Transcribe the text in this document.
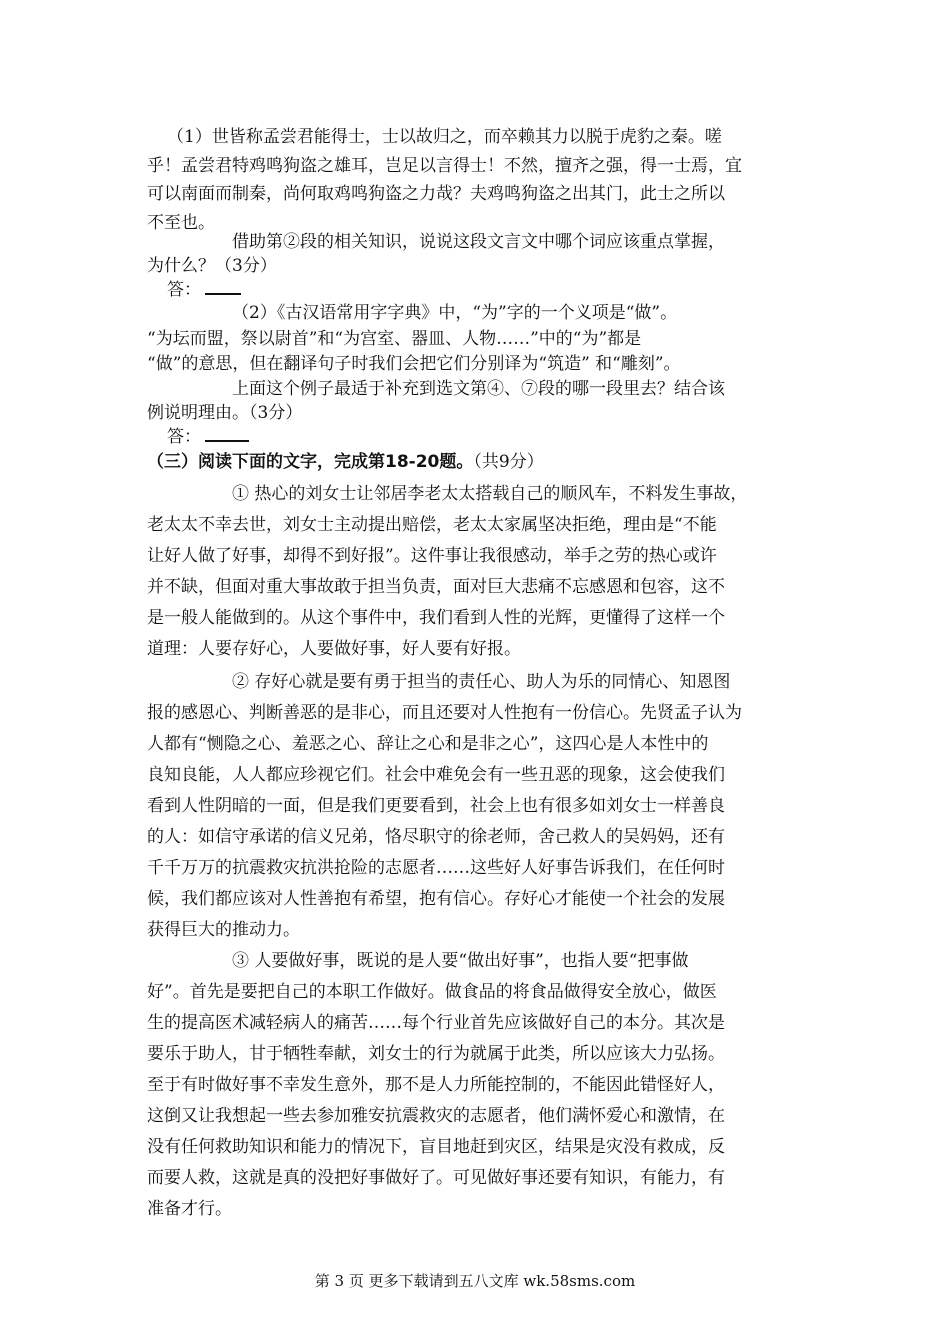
（1）世皆称孟尝君能得士，士以故归之，而卒赖其力以脱于虎豹之秦。嗟
乎！孟尝君特鸡鸣狗盗之雄耳，岂足以言得士！不然，擅齐之强，得一士焉，宜
可以南面而制秦，尚何取鸡鸣狗盗之力哉？夫鸡鸣狗盗之出其门，此士之所以
不至也。
借助第②段的相关知识，说说这段文言文中哪个词应该重点掌握，
为什么？（3分）
答：
（2）《古汉语常用字字典》中，“为”字的一个义项是“做”。
“为坛而盟，祭以尉首”和“为宫室、器皿、人物……”中的“为”都是
“做”的意思，但在翻译句子时我们会把它们分别译为“筑造” 和“雕刻”。
上面这个例子最适于补充到选文第④、⑦段的哪一段里去？结合该
例说明理由。（3分）
答：
（三）阅读下面的文字，完成第18-20题。（共9分）
① 热心的刘女士让邻居李老太太搭载自己的顺风车，不料发生事故，
老太太不幸去世，刘女士主动提出赔偿，老太太家属坚决拒绝，理由是“不能
让好人做了好事，却得不到好报”。这件事让我很感动，举手之劳的热心或许
并不缺，但面对重大事故敢于担当负责，面对巨大悲痛不忘感恩和包容，这不
是一般人能做到的。从这个事件中，我们看到人性的光辉，更懂得了这样一个
道理：人要存好心，人要做好事，好人要有好报。
② 存好心就是要有勇于担当的责任心、助人为乐的同情心、知恩图
报的感恩心、判断善恶的是非心，而且还要对人性抱有一份信心。先贤孟子认为
人都有“恻隐之心、羞恶之心、辞让之心和是非之心”，这四心是人本性中的
良知良能，人人都应珍视它们。社会中难免会有一些丑恶的现象，这会使我们
看到人性阴暗的一面，但是我们更要看到，社会上也有很多如刘女士一样善良
的人：如信守承诺的信义兄弟，恪尽职守的徐老师，舍己救人的吴妈妈，还有
千千万万的抗震救灾抗洪抢险的志愿者……这些好人好事告诉我们，在任何时
候，我们都应该对人性善抱有希望，抱有信心。存好心才能使一个社会的发展
获得巨大的推动力。
③ 人要做好事，既说的是人要“做出好事”，也指人要“把事做
好”。首先是要把自己的本职工作做好。做食品的将食品做得安全放心，做医
生的提高医术减轻病人的痛苦……每个行业首先应该做好自己的本分。其次是
要乐于助人，甘于牺牲奉献，刘女士的行为就属于此类，所以应该大力弘扬。
至于有时做好事不幸发生意外，那不是人力所能控制的，不能因此错怪好人，
这倒又让我想起一些去参加雅安抗震救灾的志愿者，他们满怀爱心和激情，在
没有任何救助知识和能力的情况下，盲目地赶到灾区，结果是灾没有救成，反
而要人救，这就是真的没把好事做好了。可见做好事还要有知识，有能力，有
准备才行。
第 3 页 更多下载请到五八文库 wk.58sms.com
